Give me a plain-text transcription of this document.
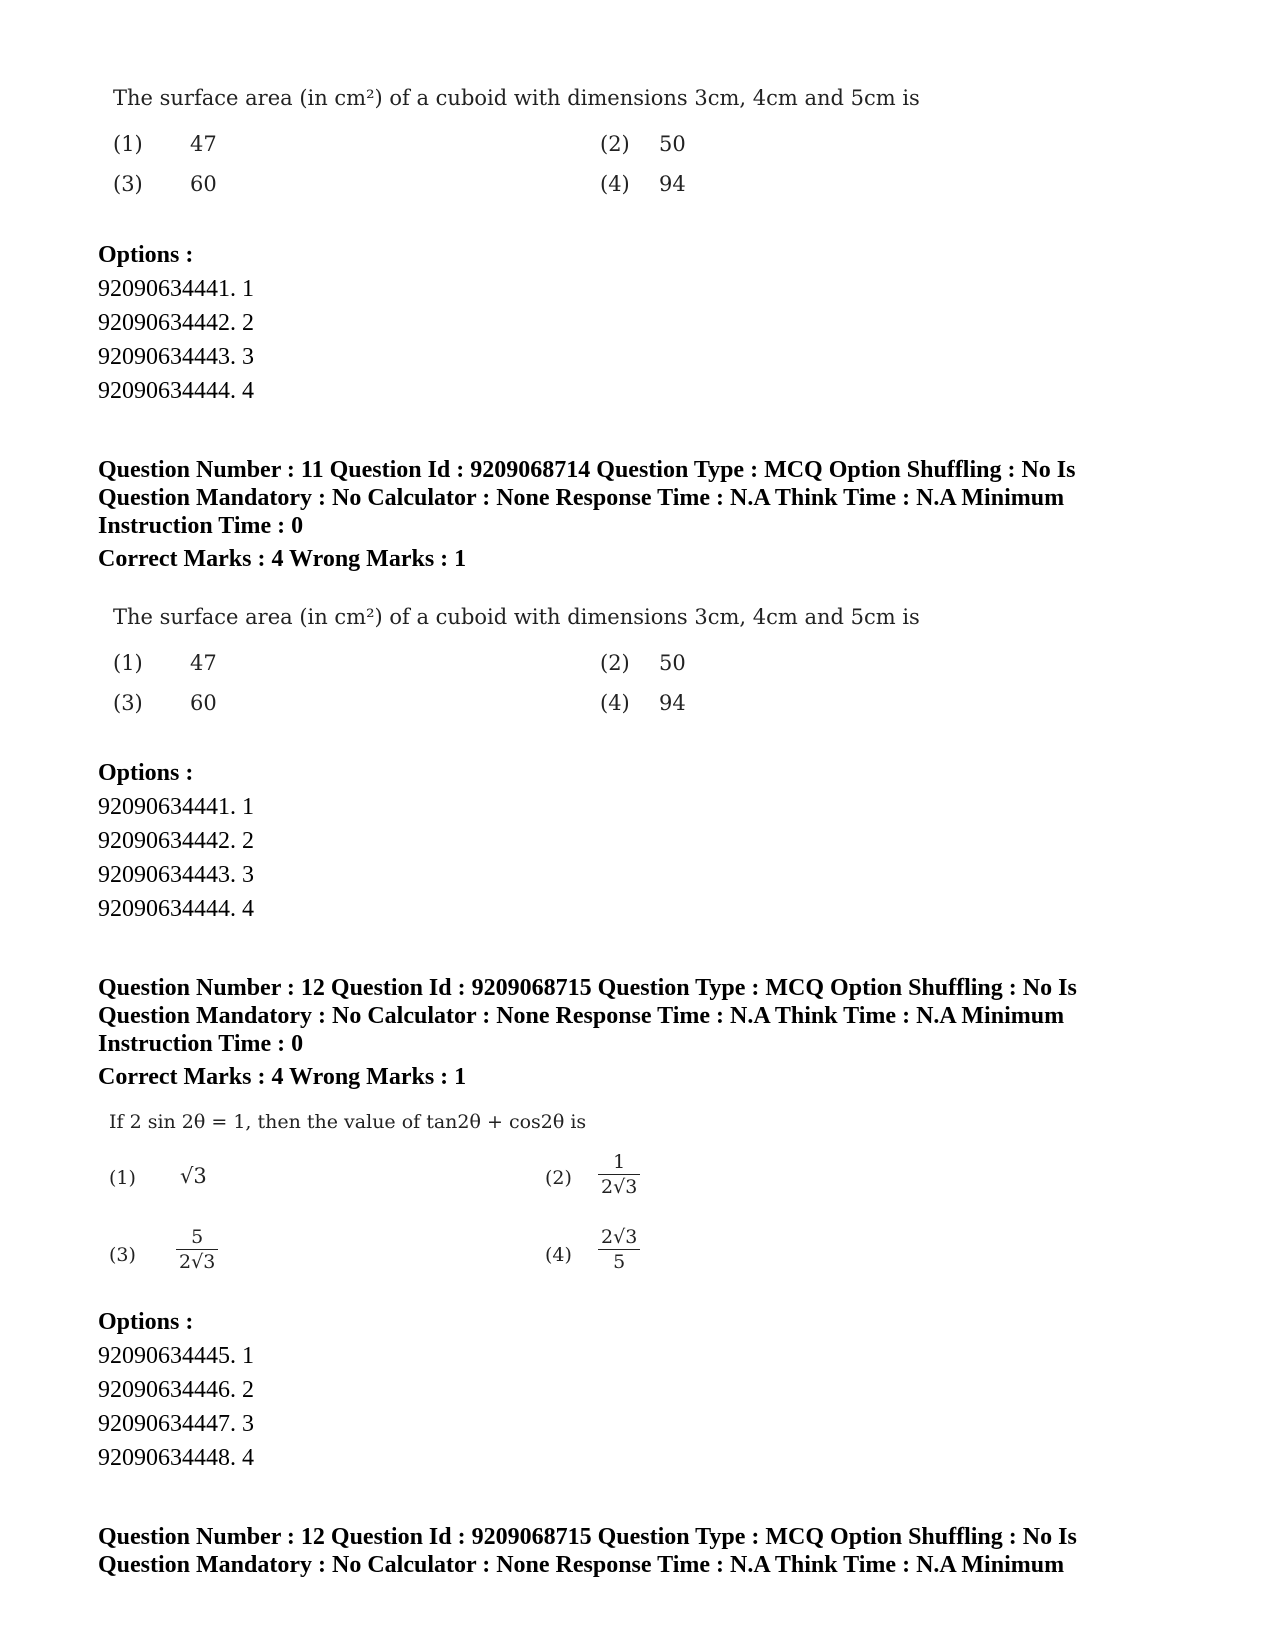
The surface area (in cm²) of a cuboid with dimensions 3cm, 4cm and 5cm is
(1) 47	(2) 50
(3) 60	(4) 94
Options :
92090634441. 1
92090634442. 2
92090634443. 3
92090634444. 4
Question Number : 11 Question Id : 9209068714 Question Type : MCQ Option Shuffling : No Is
Question Mandatory : No Calculator : None Response Time : N.A Think Time : N.A Minimum
Instruction Time : 0
Correct Marks : 4 Wrong Marks : 1
The surface area (in cm²) of a cuboid with dimensions 3cm, 4cm and 5cm is
(1) 47	(2) 50
(3) 60	(4) 94
Options :
92090634441. 1
92090634442. 2
92090634443. 3
92090634444. 4
Question Number : 12 Question Id : 9209068715 Question Type : MCQ Option Shuffling : No Is
Question Mandatory : No Calculator : None Response Time : N.A Think Time : N.A Minimum
Instruction Time : 0
Correct Marks : 4 Wrong Marks : 1
If 2 sin 2θ = 1, then the value of tan2θ + cos2θ is
(1) √3	$(2) \frac{1}{2√3}$
$(3) \frac{5}{2√3}$	$(4) \frac{2√3}{5}$
Options :
92090634445. 1
92090634446. 2
92090634447. 3
92090634448. 4
Question Number : 12 Question Id : 9209068715 Question Type : MCQ Option Shuffling : No Is
Question Mandatory : No Calculator : None Response Time : N.A Think Time : N.A Minimum
